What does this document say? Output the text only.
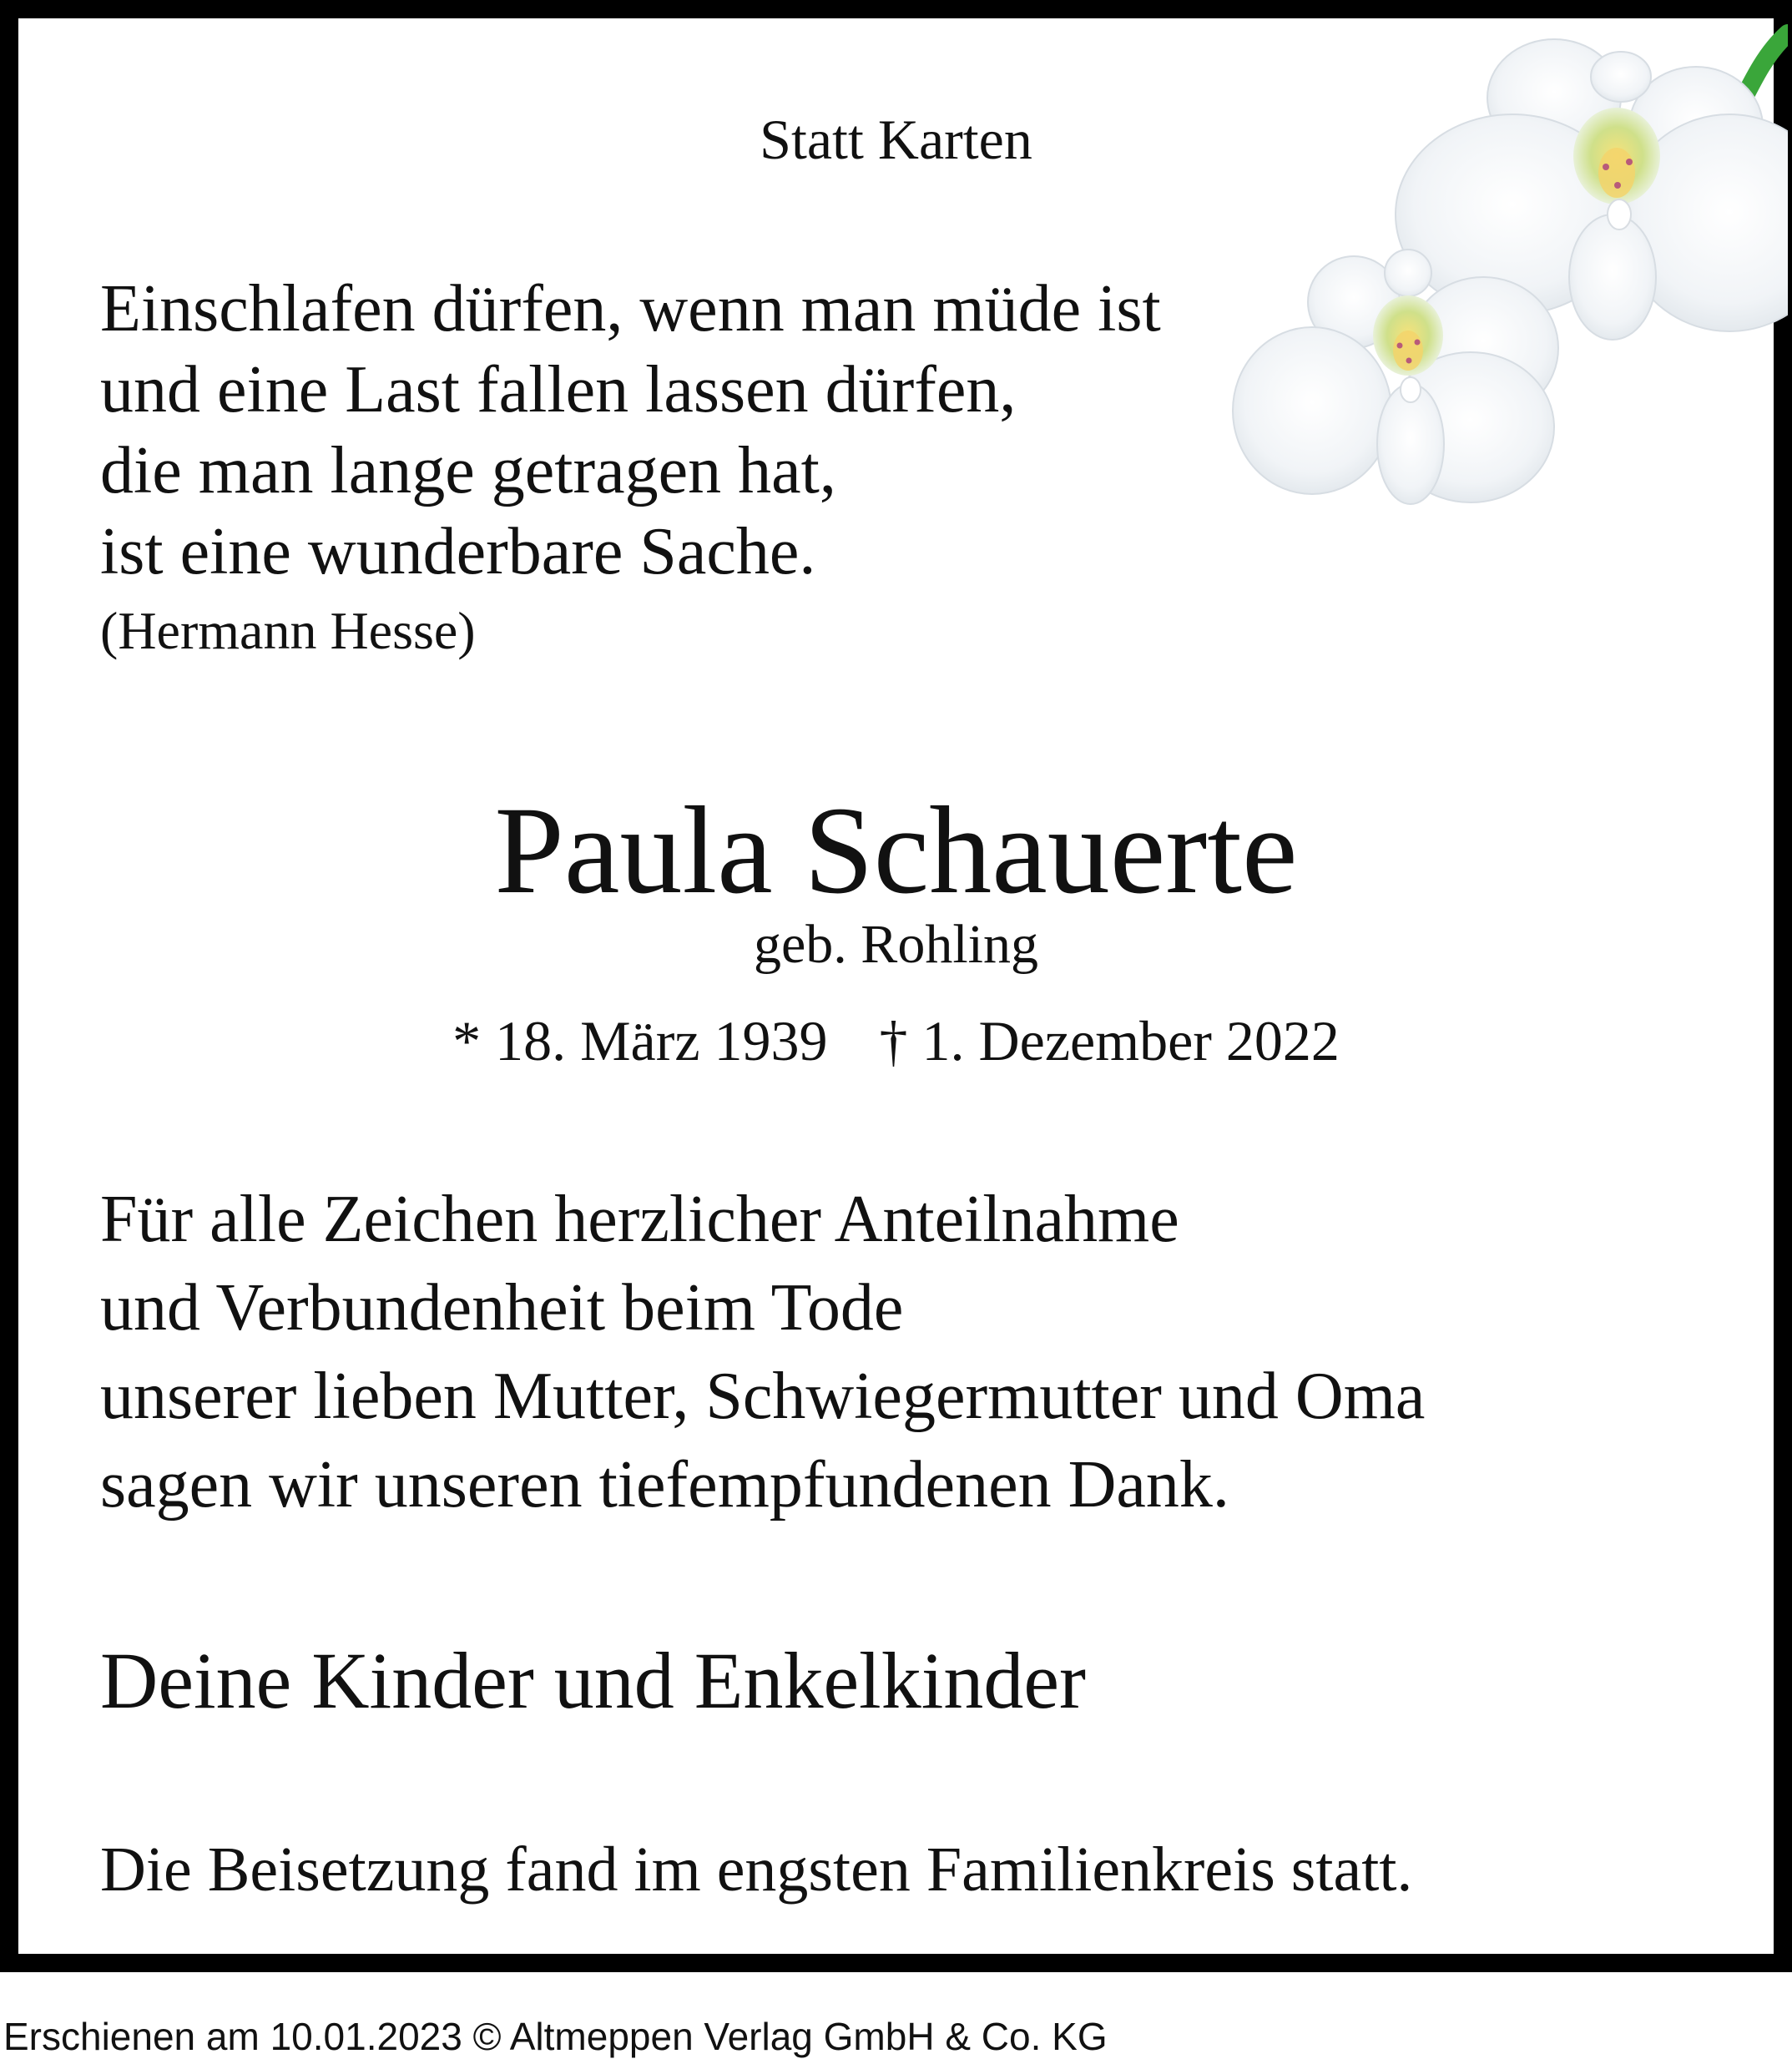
Statt Karten
Einschlafen dürfen, wenn man müde ist
und eine Last fallen lassen dürfen,
die man lange getragen hat,
ist eine wunderbare Sache.
(Hermann Hesse)
Paula Schauerte
geb. Rohling
* 18. März 1939 † 1. Dezember 2022
Für alle Zeichen herzlicher Anteilnahme
und Verbundenheit beim Tode
unserer lieben Mutter, Schwiegermutter und Oma
sagen wir unseren tiefempfundenen Dank.
Deine Kinder und Enkelkinder
Die Beisetzung fand im engsten Familienkreis statt.
Erschienen am 10.01.2023 © Altmeppen Verlag GmbH & Co. KG
